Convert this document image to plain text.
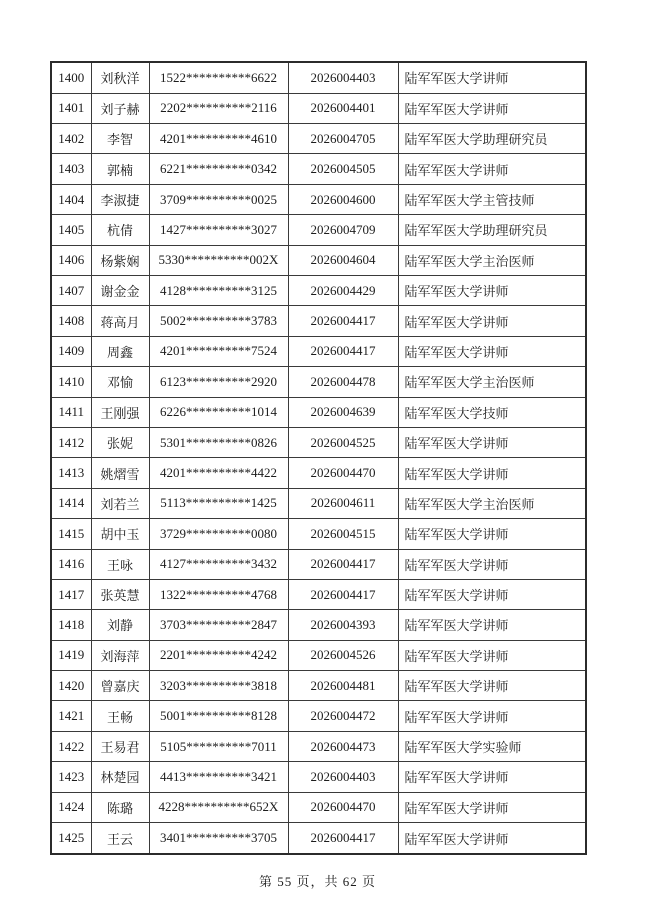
1400	刘秋洋	1522**********6622	2026004403	陆军军医大学讲师
1401	刘子赫	2202**********2116	2026004401	陆军军医大学讲师
1402	李智	4201**********4610	2026004705	陆军军医大学助理研究员
1403	郭楠	6221**********0342	2026004505	陆军军医大学讲师
1404	李淑捷	3709**********0025	2026004600	陆军军医大学主管技师
1405	杭倩	1427**********3027	2026004709	陆军军医大学助理研究员
1406	杨紫娴	5330**********002X	2026004604	陆军军医大学主治医师
1407	谢金金	4128**********3125	2026004429	陆军军医大学讲师
1408	蒋高月	5002**********3783	2026004417	陆军军医大学讲师
1409	周鑫	4201**********7524	2026004417	陆军军医大学讲师
1410	邓愉	6123**********2920	2026004478	陆军军医大学主治医师
1411	王刚强	6226**********1014	2026004639	陆军军医大学技师
1412	张妮	5301**********0826	2026004525	陆军军医大学讲师
1413	姚熠雪	4201**********4422	2026004470	陆军军医大学讲师
1414	刘若兰	5113**********1425	2026004611	陆军军医大学主治医师
1415	胡中玉	3729**********0080	2026004515	陆军军医大学讲师
1416	王咏	4127**********3432	2026004417	陆军军医大学讲师
1417	张英慧	1322**********4768	2026004417	陆军军医大学讲师
1418	刘静	3703**********2847	2026004393	陆军军医大学讲师
1419	刘海萍	2201**********4242	2026004526	陆军军医大学讲师
1420	曾嘉庆	3203**********3818	2026004481	陆军军医大学讲师
1421	王畅	5001**********8128	2026004472	陆军军医大学讲师
1422	王易君	5105**********7011	2026004473	陆军军医大学实验师
1423	林楚园	4413**********3421	2026004403	陆军军医大学讲师
1424	陈璐	4228**********652X	2026004470	陆军军医大学讲师
1425	王云	3401**********3705	2026004417	陆军军医大学讲师
第 55 页，共 62 页
